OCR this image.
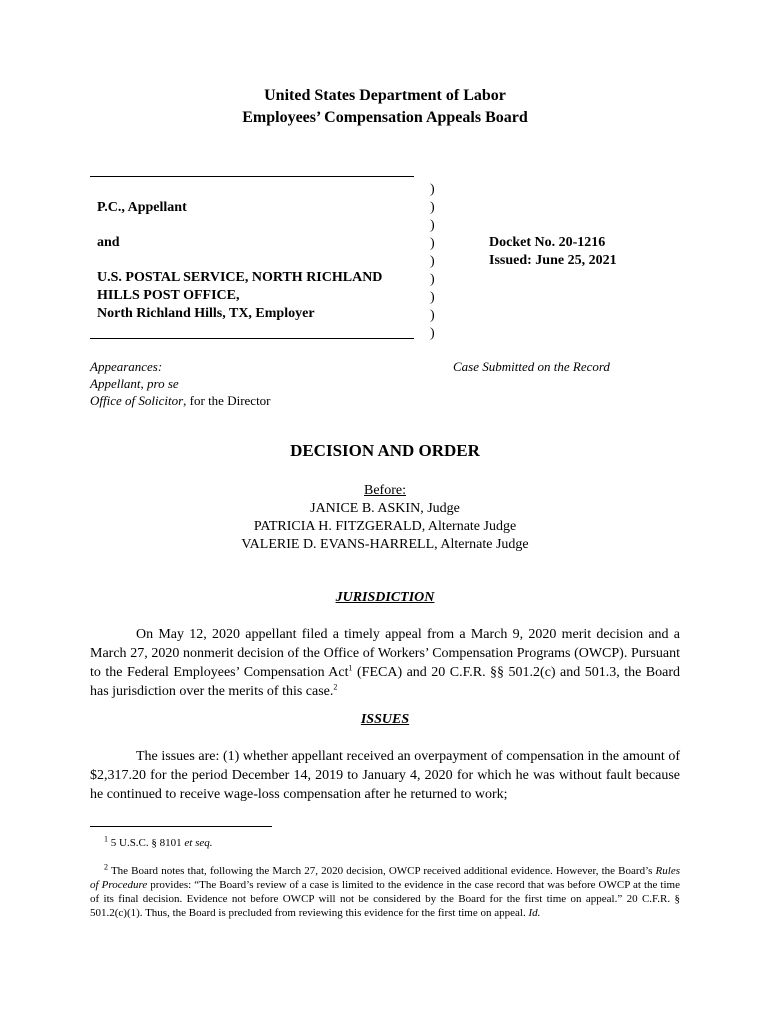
United States Department of Labor
Employees’ Compensation Appeals Board
P.C., Appellant
and
U.S. POSTAL SERVICE, NORTH RICHLAND
HILLS POST OFFICE,
North Richland Hills, TX, Employer
)
)
)
)
)
)
)
)
)
Docket No. 20-1216
Issued: June 25, 2021
Appearances:
Appellant, pro se
Office of Solicitor, for the Director
Case Submitted on the Record
DECISION AND ORDER
Before:
JANICE B. ASKIN, Judge
PATRICIA H. FITZGERALD, Alternate Judge
VALERIE D. EVANS-HARRELL, Alternate Judge
JURISDICTION
On May 12, 2020 appellant filed a timely appeal from a March 9, 2020 merit decision and a March 27, 2020 nonmerit decision of the Office of Workers’ Compensation Programs (OWCP). Pursuant to the Federal Employees’ Compensation Act$^1$ (FECA) and 20 C.F.R. §§ 501.2(c) and 501.3, the Board has jurisdiction over the merits of this case.$^2$
ISSUES
The issues are: (1) whether appellant received an overpayment of compensation in the amount of $2,317.20 for the period December 14, 2019 to January 4, 2020 for which he was without fault because he continued to receive wage-loss compensation after he returned to work;
$^1$ 5 U.S.C. § 8101 et seq.
$^2$ The Board notes that, following the March 27, 2020 decision, OWCP received additional evidence. However, the Board’s Rules of Procedure provides: “The Board’s review of a case is limited to the evidence in the case record that was before OWCP at the time of its final decision. Evidence not before OWCP will not be considered by the Board for the first time on appeal.” 20 C.F.R. § 501.2(c)(1). Thus, the Board is precluded from reviewing this evidence for the first time on appeal. Id.
